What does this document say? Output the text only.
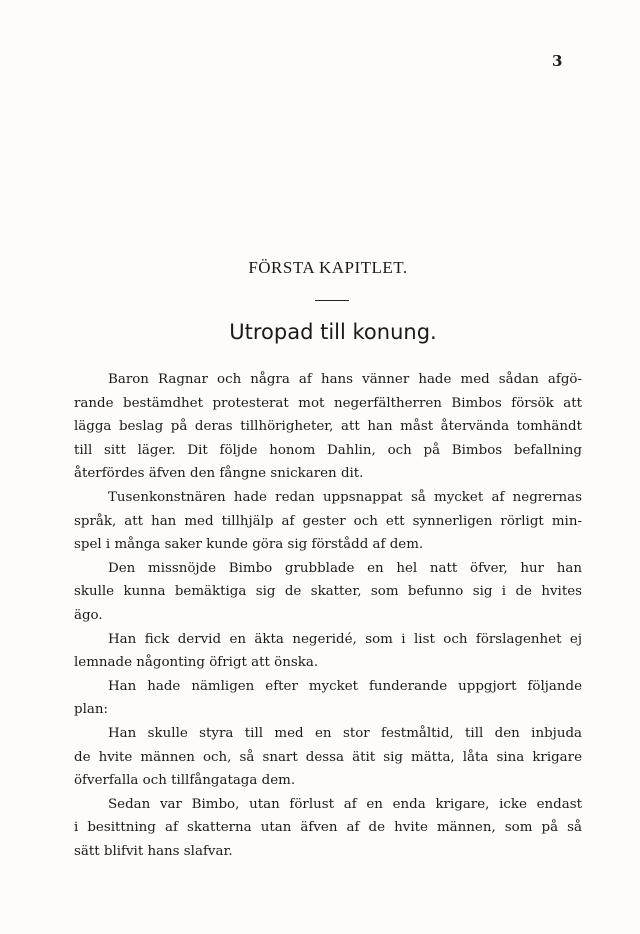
3
FÖRSTA KAPITLET.
Utropad till konung.

Baron Ragnar och några af hans vänner hade med sådan afgö-
rande bestämdhet protesterat mot negerfältherren Bimbos försök att
lägga beslag på deras tillhörigheter, att han måst återvända tomhändt
till sitt läger. Dit följde honom Dahlin, och på Bimbos befallning
återfördes äfven den fångne snickaren dit.

Tusenkonstnären hade redan uppsnappat så mycket af negrernas
språk, att han med tillhjälp af gester och ett synnerligen rörligt min-
spel i många saker kunde göra sig förstådd af dem.

Den missnöjde Bimbo grubblade en hel natt öfver, hur han
skulle kunna bemäktiga sig de skatter, som befunno sig i de hvites
ägo.

Han fick dervid en äkta negeridé, som i list och förslagenhet ej
lemnade någonting öfrigt att önska.

Han hade nämligen efter mycket funderande uppgjort följande
plan:

Han skulle styra till med en stor festmåltid, till den inbjuda
de hvite männen och, så snart dessa ätit sig mätta, låta sina krigare
öfverfalla och tillfångataga dem.

Sedan var Bimbo, utan förlust af en enda krigare, icke endast
i besittning af skatterna utan äfven af de hvite männen, som på så
sätt blifvit hans slafvar.
